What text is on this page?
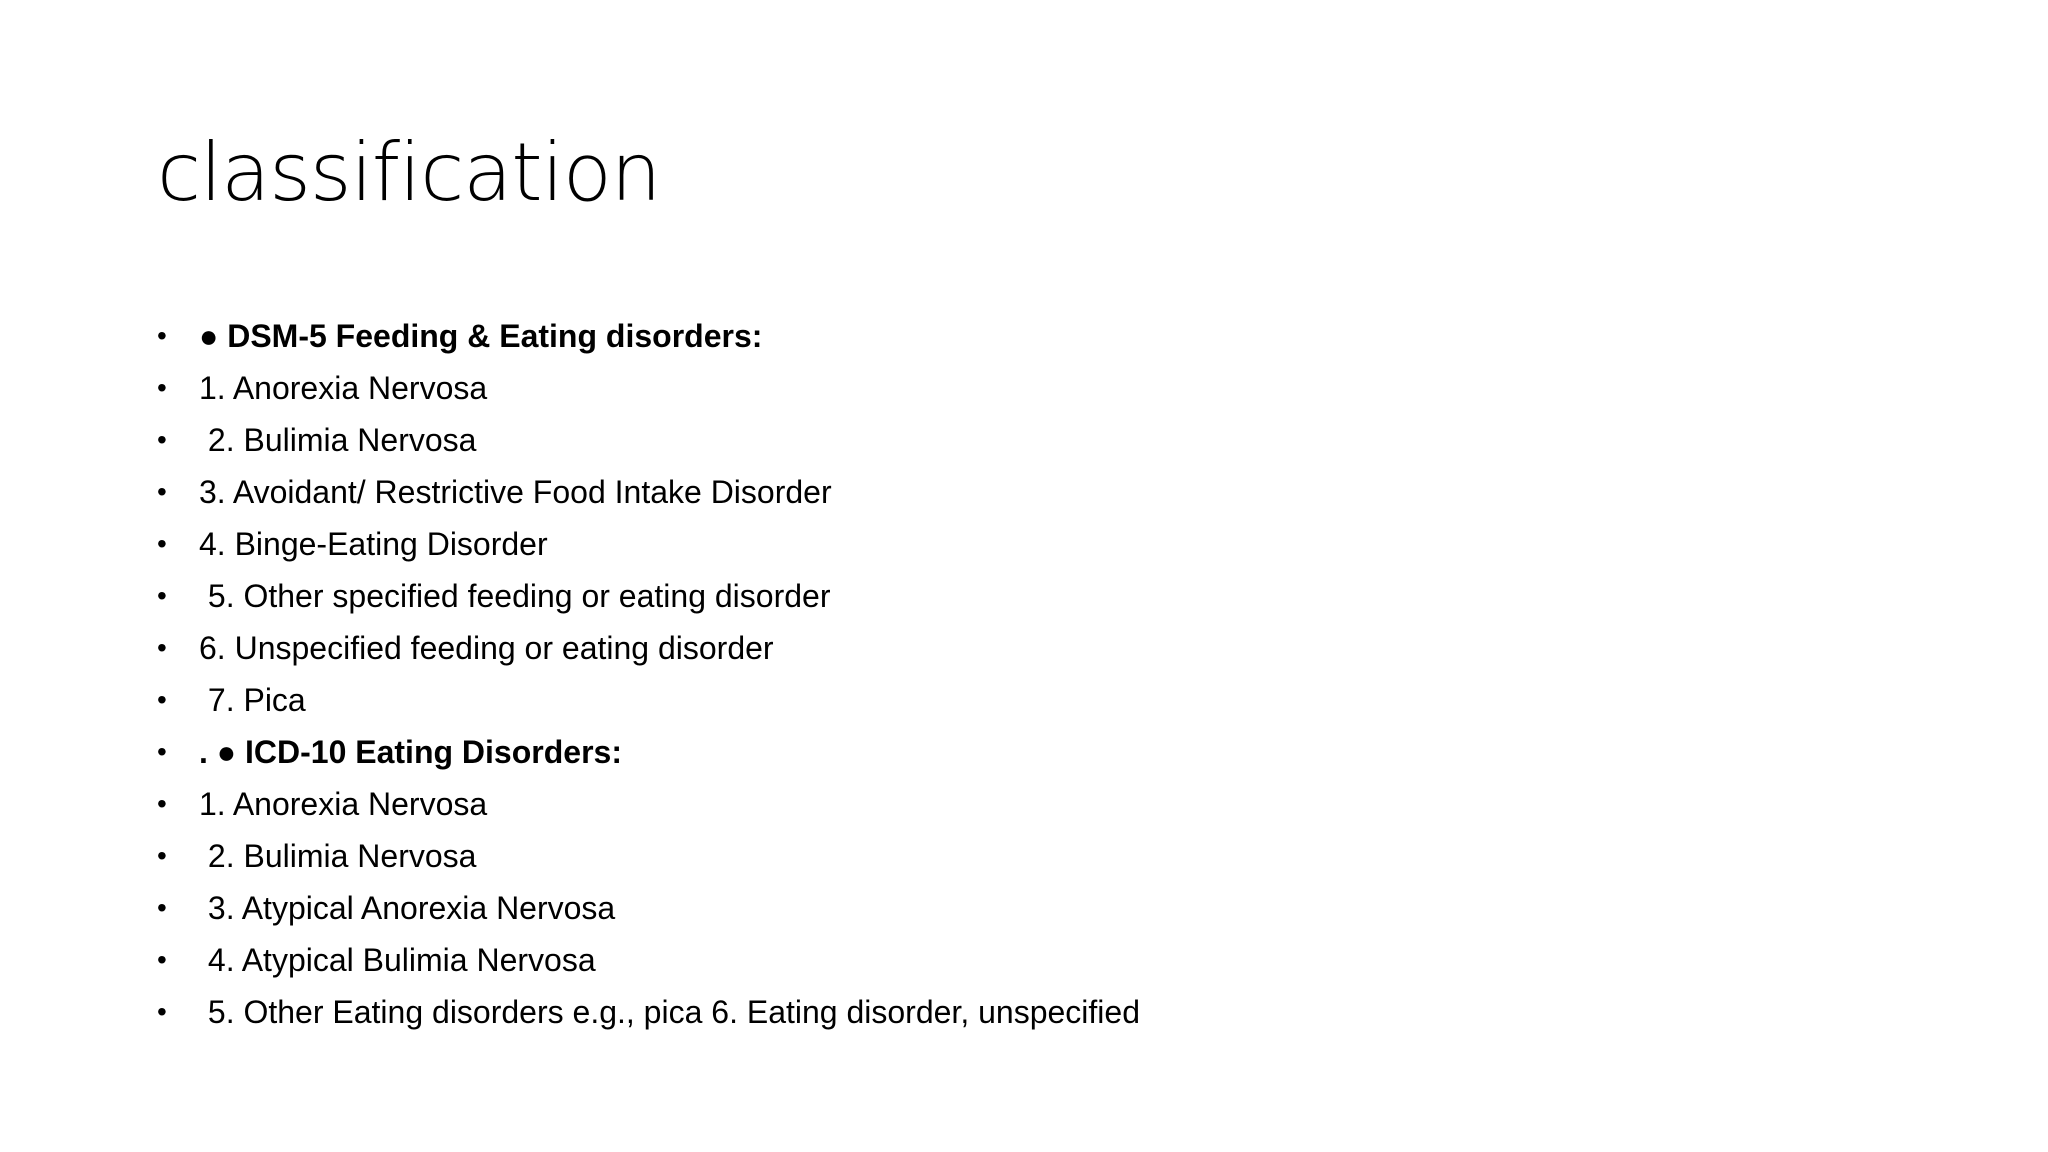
classification
•	● DSM-5 Feeding & Eating disorders:
•	1. Anorexia Nervosa
•	2. Bulimia Nervosa
•	3. Avoidant/ Restrictive Food Intake Disorder
•	4. Binge-Eating Disorder
•	5. Other specified feeding or eating disorder
•	6. Unspecified feeding or eating disorder
•	7. Pica
•	. ● ICD-10 Eating Disorders:
•	1. Anorexia Nervosa
•	2. Bulimia Nervosa
•	3. Atypical Anorexia Nervosa
•	4. Atypical Bulimia Nervosa
•	5. Other Eating disorders e.g., pica 6. Eating disorder, unspecified
